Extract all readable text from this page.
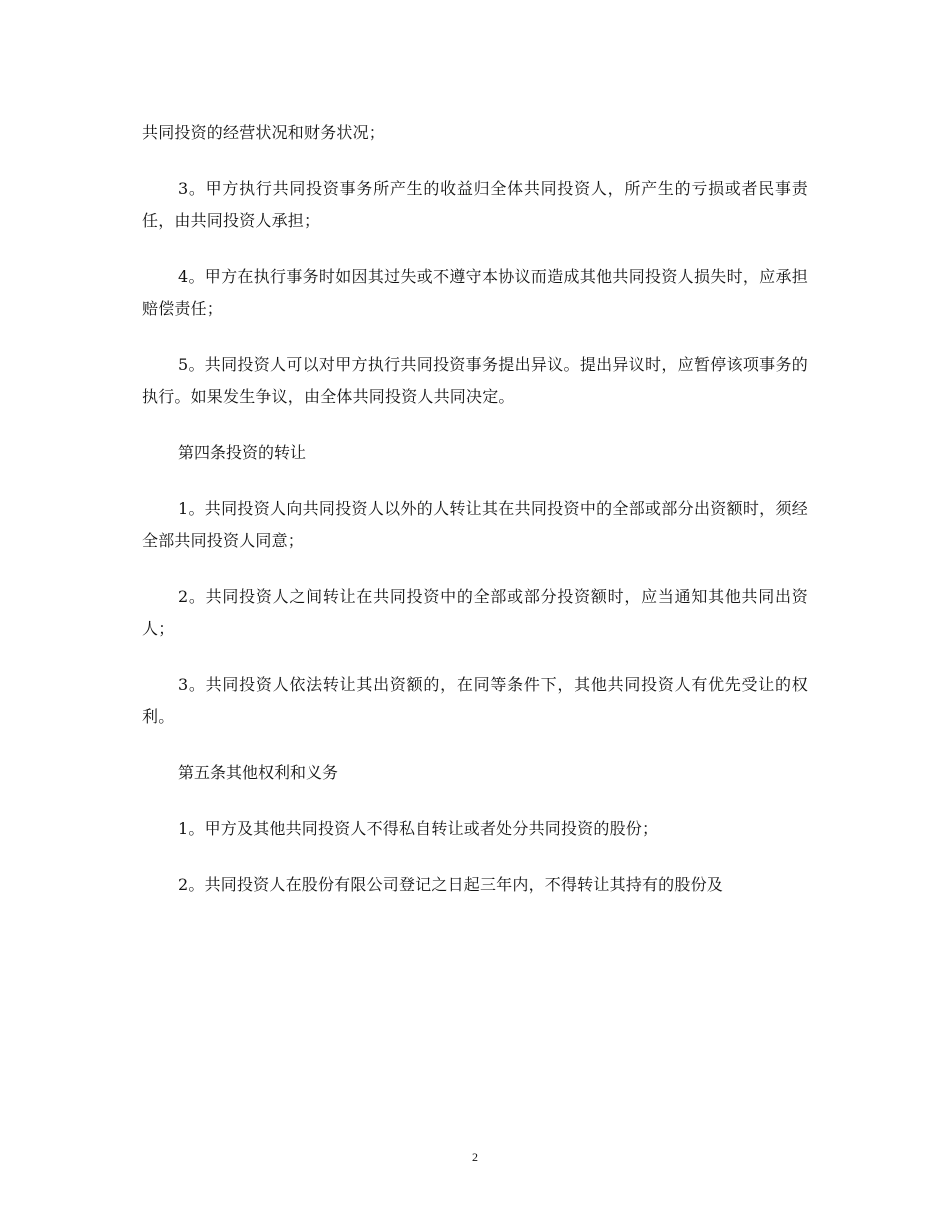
共同投资的经营状况和财务状况；

3。甲方执行共同投资事务所产生的收益归全体共同投资人，所产生的亏损或者民事责任，由共同投资人承担；

4。甲方在执行事务时如因其过失或不遵守本协议而造成其他共同投资人损失时，应承担赔偿责任；

5。共同投资人可以对甲方执行共同投资事务提出异议。提出异议时，应暂停该项事务的执行。如果发生争议，由全体共同投资人共同决定。

第四条投资的转让

1。共同投资人向共同投资人以外的人转让其在共同投资中的全部或部分出资额时，须经全部共同投资人同意；

2。共同投资人之间转让在共同投资中的全部或部分投资额时，应当通知其他共同出资人；

3。共同投资人依法转让其出资额的，在同等条件下，其他共同投资人有优先受让的权利。

第五条其他权利和义务

1。甲方及其他共同投资人不得私自转让或者处分共同投资的股份；

2。共同投资人在股份有限公司登记之日起三年内，不得转让其持有的股份及

2
